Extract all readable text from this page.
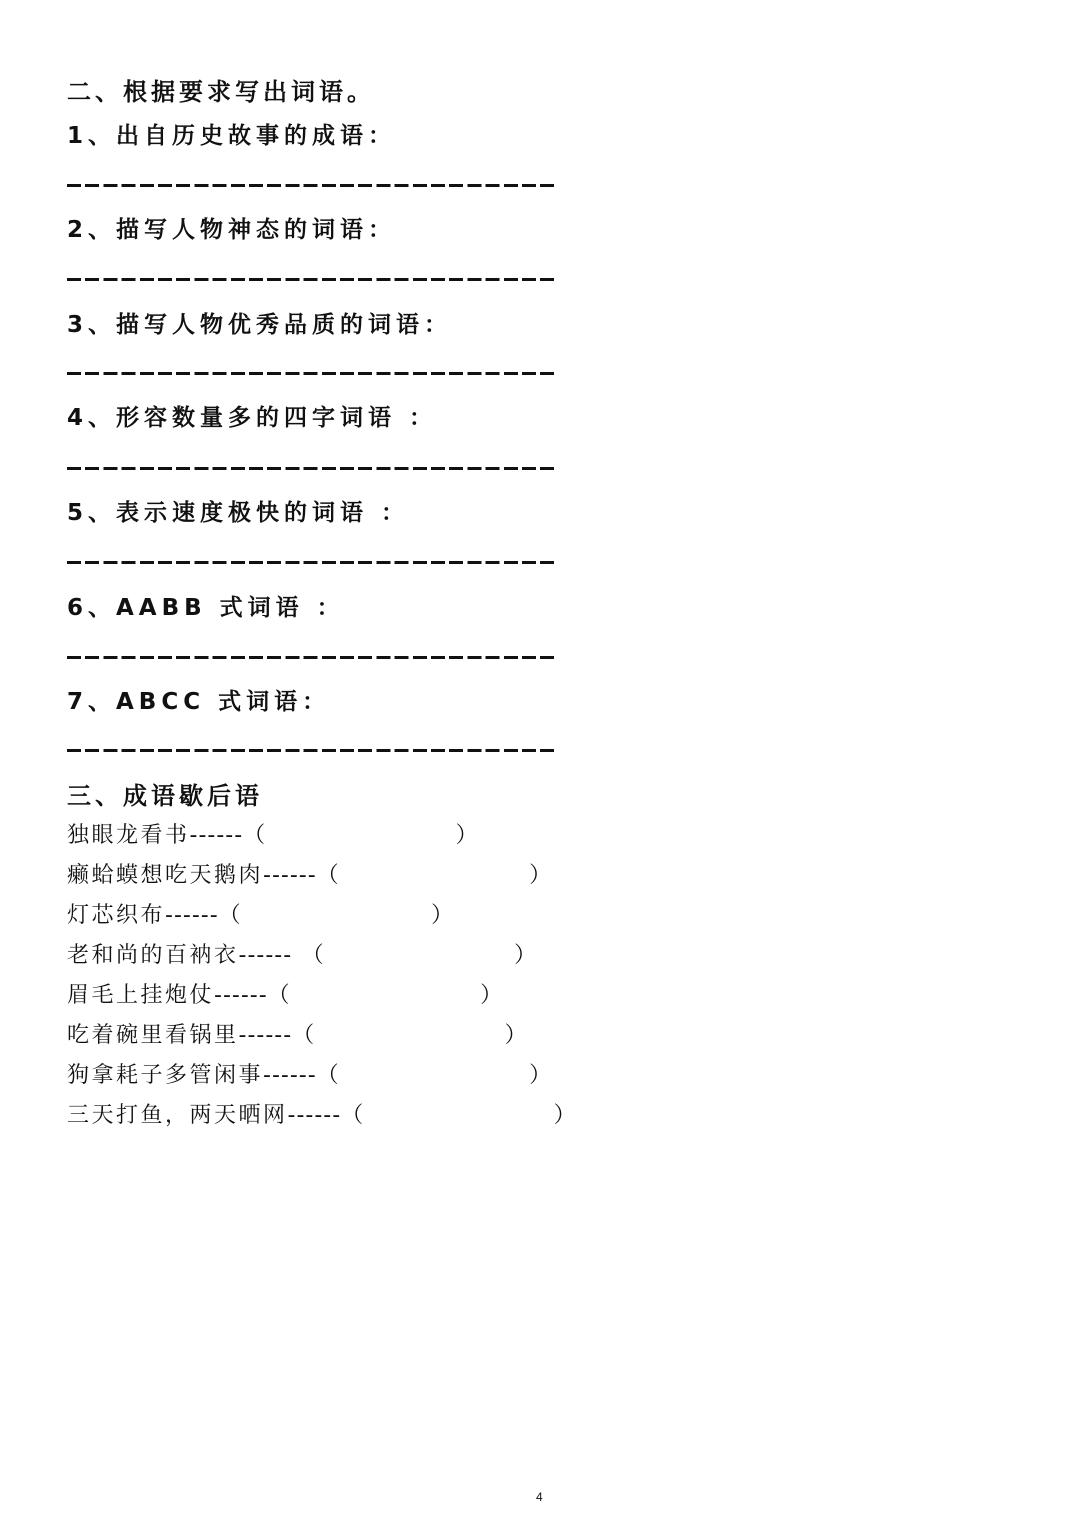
二、根据要求写出词语。
1、出自历史故事的成语：
2、描写人物神态的词语：
3、描写人物优秀品质的词语：
4、形容数量多的四字词语 ：
5、表示速度极快的词语 ：
6、AABB 式词语 ：
7、ABCC 式词语：
三、成语歇后语
独眼龙看书------（	）
癞蛤蟆想吃天鹅肉------（	）
灯芯织布------（	）
老和尚的百衲衣------ （	）
眉毛上挂炮仗------（	）
吃着碗里看锅里------（	）
狗拿耗子多管闲事------（	）
三天打鱼，两天晒网------（	）
4
